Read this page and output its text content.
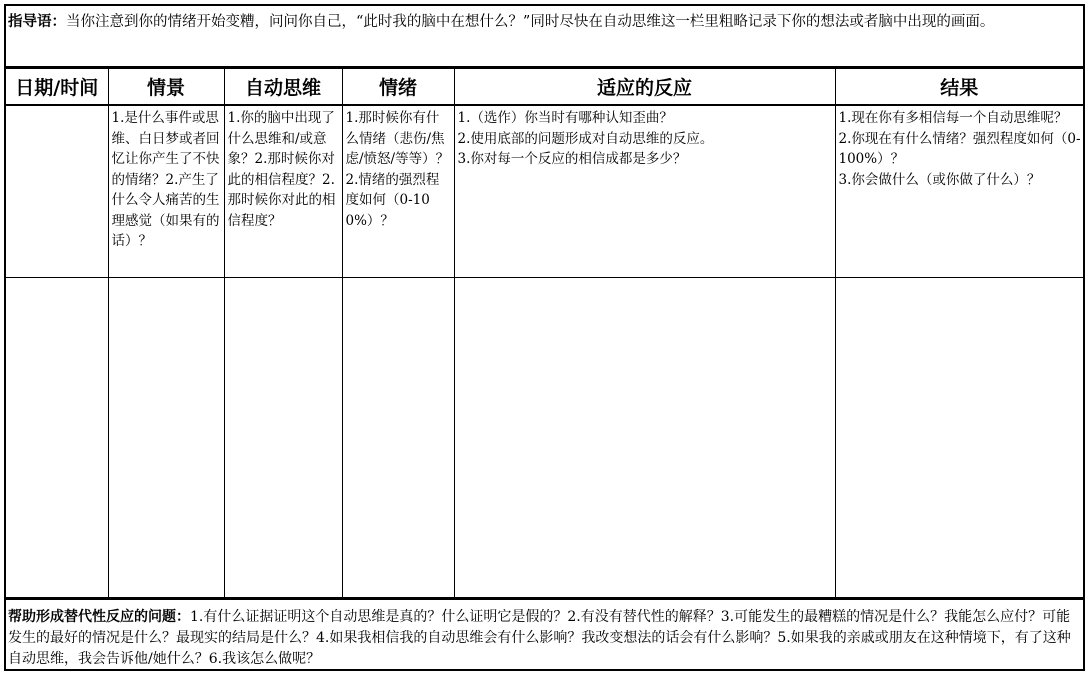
指导语：当你注意到你的情绪开始变糟，问问你自己，“此时我的脑中在想什么？”同时尽快在自动思维这一栏里粗略记录下你的想法或者脑中出现的画面。
日期/时间	情景	自动思维	情绪	适应的反应	结果

	1.是什么事件或思维、白日梦或者回忆让你产生了不快的情绪？2.产生了什么令人痛苦的生理感觉（如果有的话）？	1.你的脑中出现了什么思维和/或意象？2.那时候你对此的相信程度？2.那时候你对此的相信程度？	1.那时候你有什么情绪（悲伤/焦虑/愤怒/等等）？2.情绪的强烈程度如何（0-100%）？	1.（选作）你当时有哪种认知歪曲？
2.使用底部的问题形成对自动思维的反应。
3.你对每一个反应的相信成都是多少？	1.现在你有多相信每一个自动思维呢？
2.你现在有什么情绪？强烈程度如何（0-100%）？
3.你会做什么（或你做了什么）？

帮助形成替代性反应的问题：1.有什么证据证明这个自动思维是真的？什么证明它是假的？2.有没有替代性的解释？3.可能发生的最糟糕的情况是什么？我能怎么应付？可能发生的最好的情况是什么？最现实的结局是什么？4.如果我相信我的自动思维会有什么影响？我改变想法的话会有什么影响？5.如果我的亲戚或朋友在这种情境下，有了这种自动思维，我会告诉他/她什么？6.我该怎么做呢？
